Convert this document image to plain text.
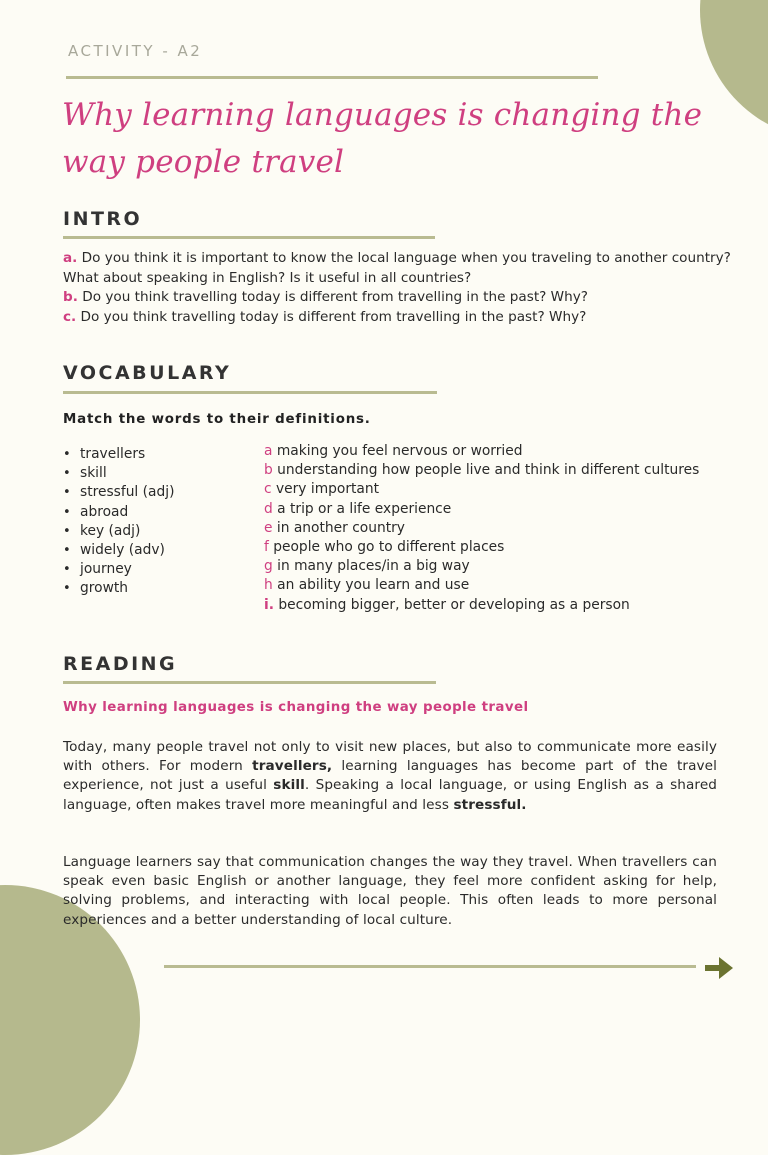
ACTIVITY - A2
Why learning languages is changing the
way people travel
INTRO
a. Do you think it is important to know the local language when you traveling to another country? What about speaking in English? Is it useful in all countries?
b. Do you think travelling today is different from travelling in the past? Why?
c. Do you think travelling today is different from travelling in the past? Why?
VOCABULARY
Match the words to their definitions.
• travellers
• skill
• stressful (adj)
• abroad
• key (adj)
• widely (adv)
• journey
• growth
a making you feel nervous or worried
b understanding how people live and think in different cultures
c very important
d a trip or a life experience
e in another country
f people who go to different places
g in many places/in a big way
h an ability you learn and use
i. becoming bigger, better or developing as a person
READING
Why learning languages is changing the way people travel
Today, many people travel not only to visit new places, but also to communicate more easily with others. For modern travellers, learning languages has become part of the travel experience, not just a useful skill. Speaking a local language, or using English as a shared language, often makes travel more meaningful and less stressful.
Language learners say that communication changes the way they travel. When travellers can speak even basic English or another language, they feel more confident asking for help, solving problems, and interacting with local people. This often leads to more personal experiences and a better understanding of local culture.
